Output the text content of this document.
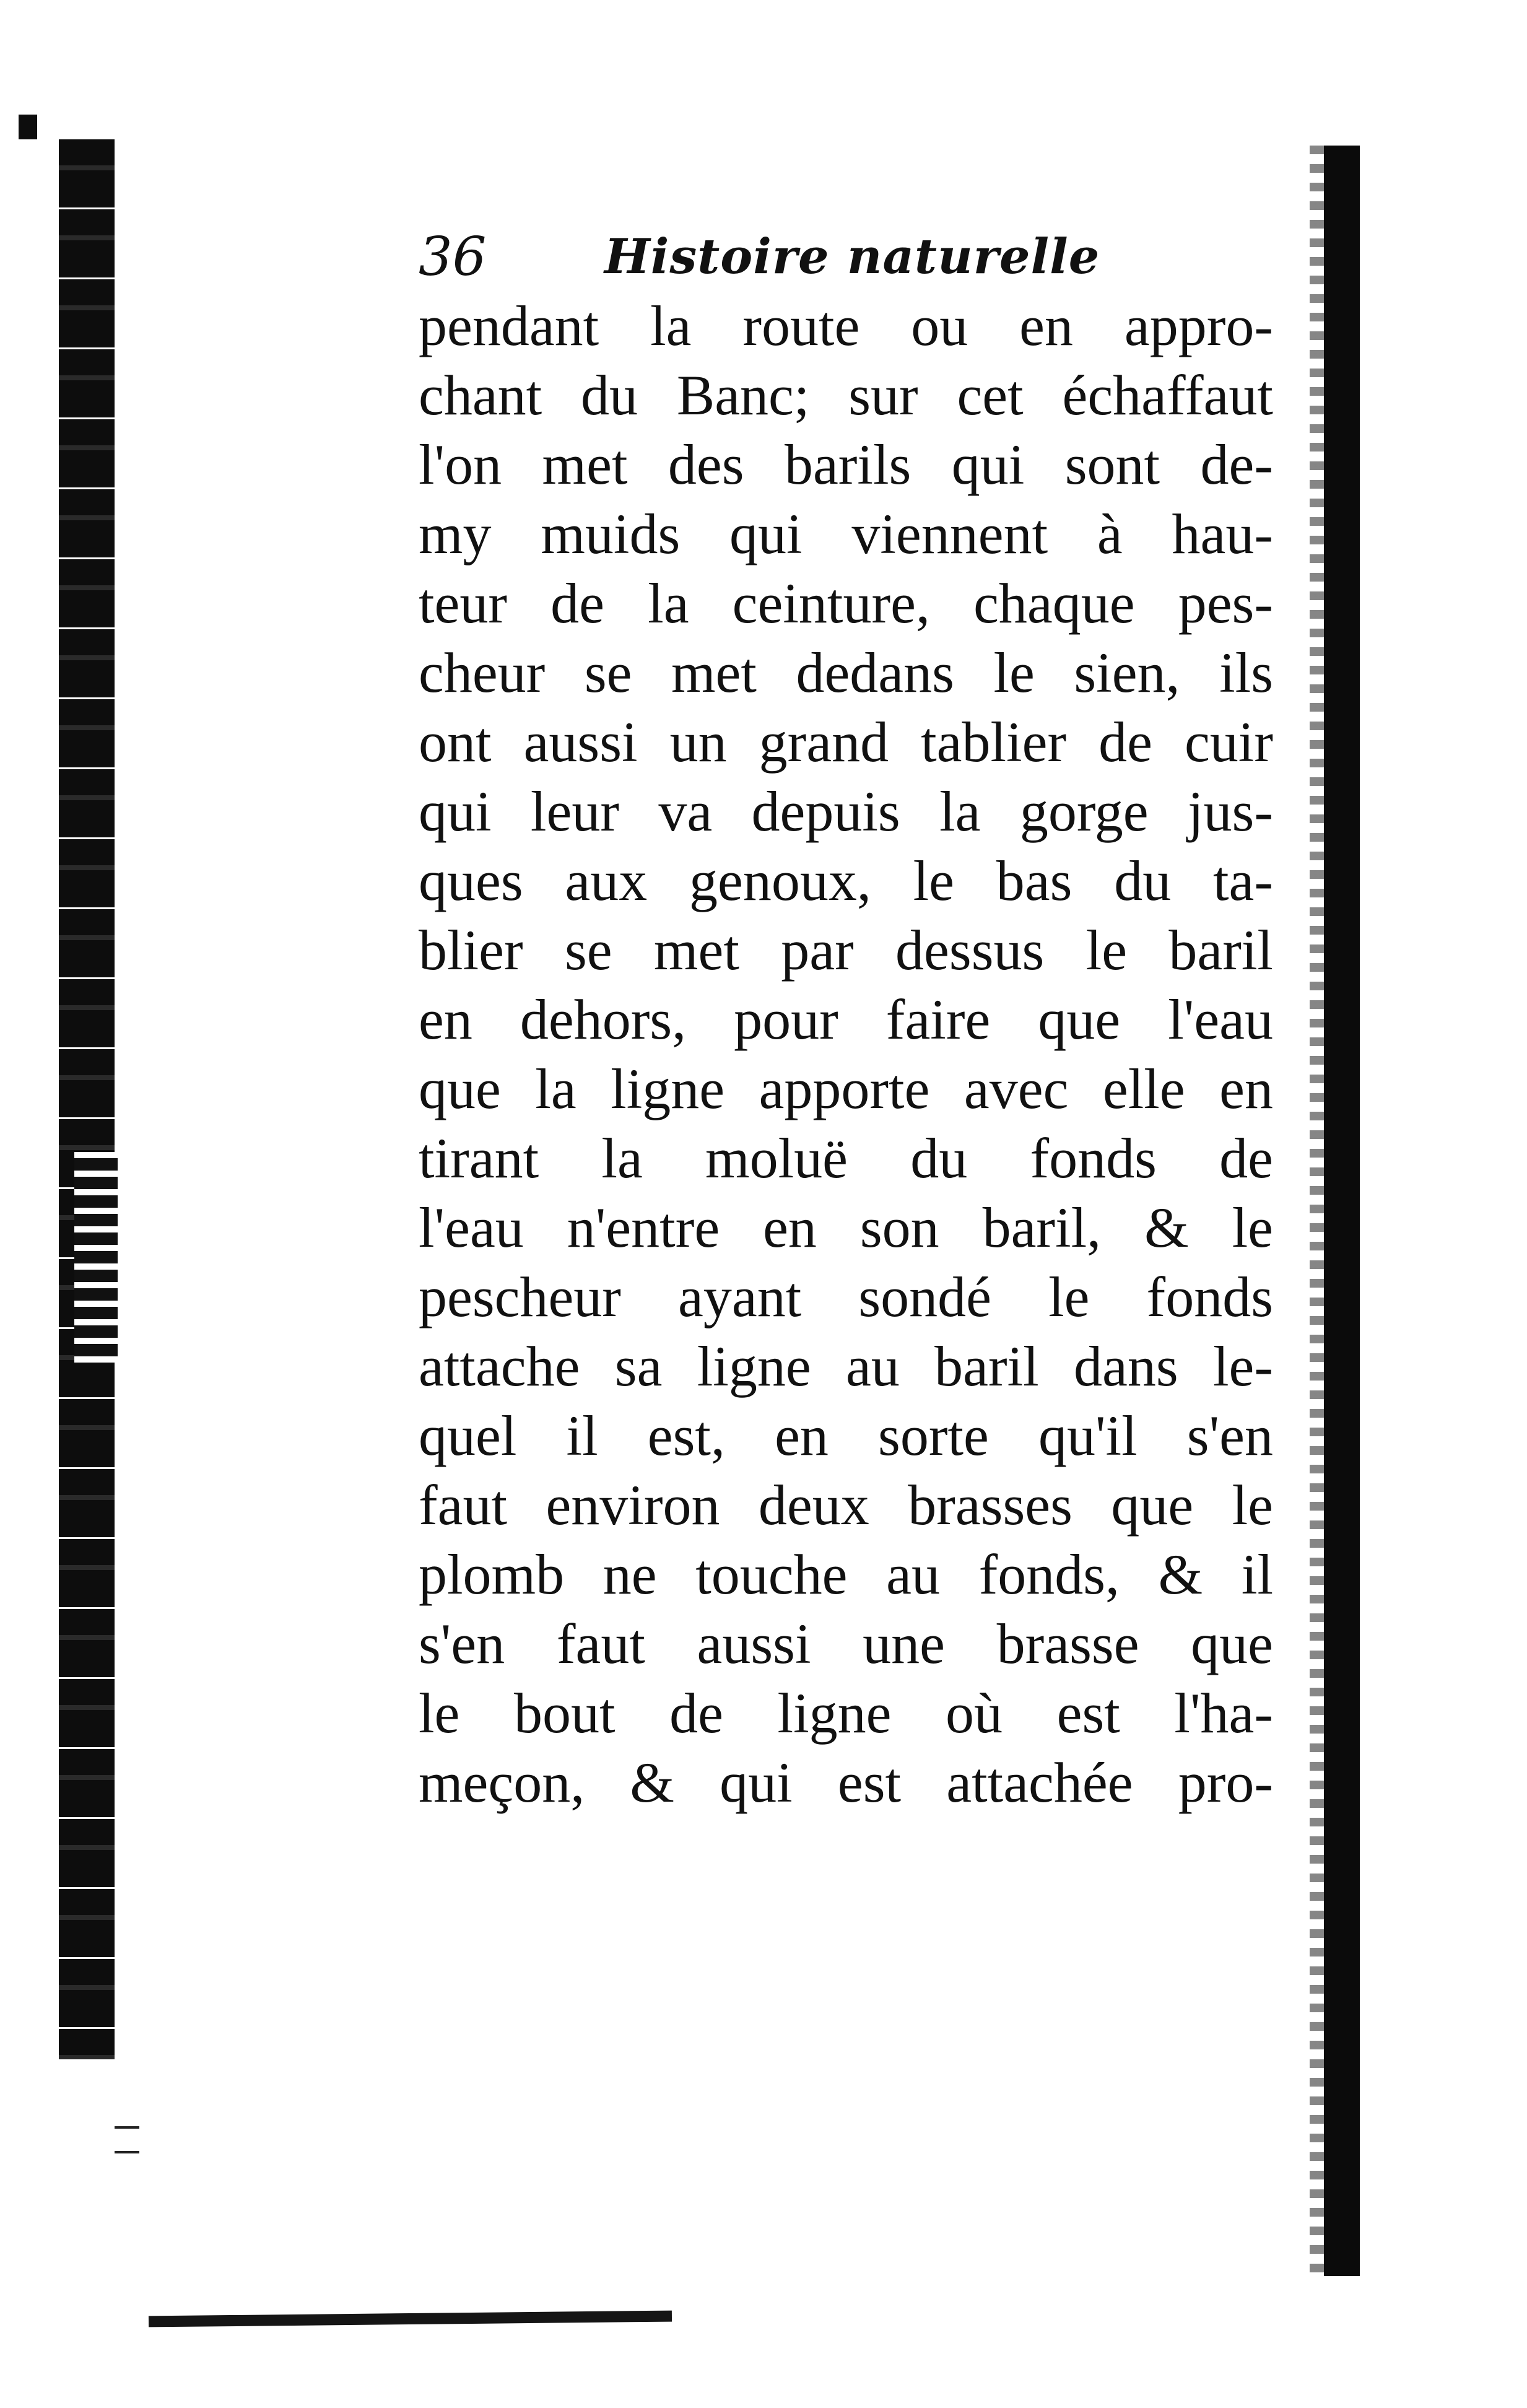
36 Histoire naturelle
pendant la route ou en appro-
chant du Banc; sur cet échaffaut
l'on met des barils qui sont de-
my muids qui viennent à hau-
teur de la ceinture, chaque pes-
cheur se met dedans le sien, ils
ont aussi un grand tablier de cuir
qui leur va depuis la gorge jus-
ques aux genoux, le bas du ta-
blier se met par dessus le baril
en dehors, pour faire que l'eau
que la ligne apporte avec elle en
tirant la moluë du fonds de
l'eau n'entre en son baril, & le
pescheur ayant sondé le fonds
attache sa ligne au baril dans le-
quel il est, en sorte qu'il s'en
faut environ deux brasses que le
plomb ne touche au fonds, & il
s'en faut aussi une brasse que
le bout de ligne où est l'ha-
meçon, & qui est attachée pro-
